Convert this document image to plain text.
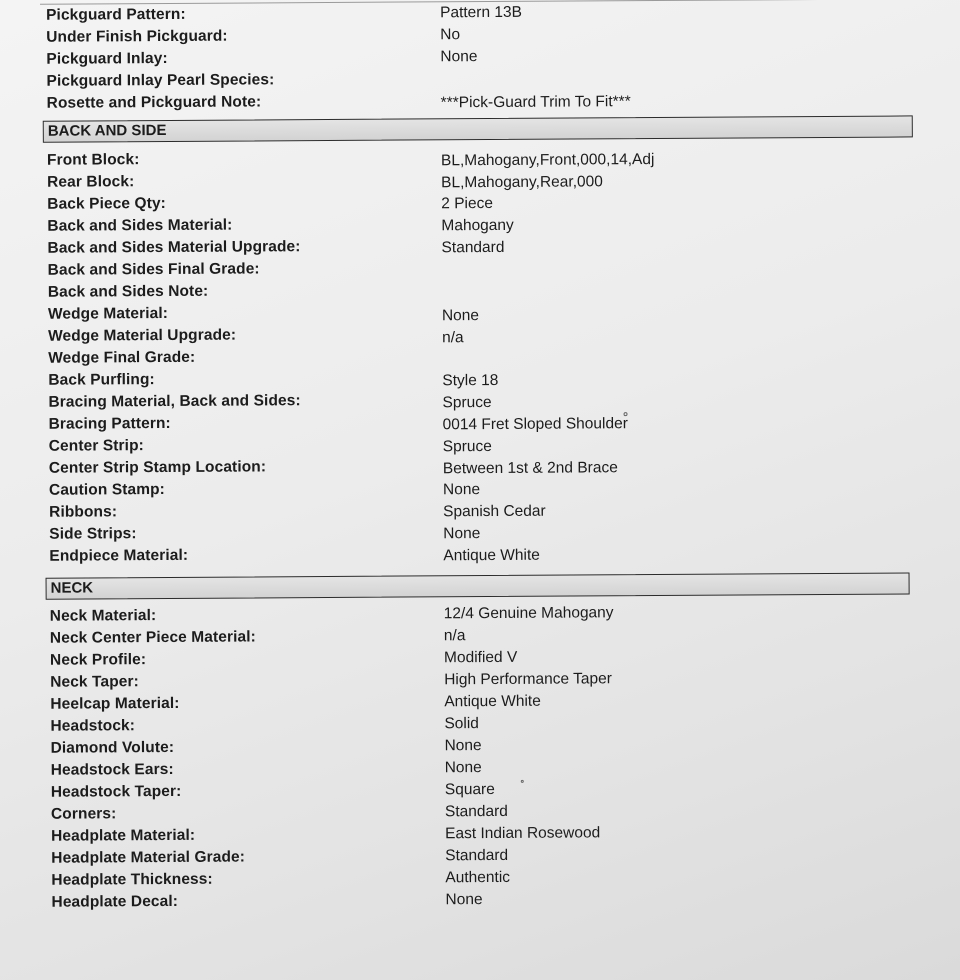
Pickguard Pattern:	Pattern 13B
Under Finish Pickguard:	No
Pickguard Inlay:	None
Pickguard Inlay Pearl Species:
Rosette and Pickguard Note:	***Pick-Guard Trim To Fit***
BACK AND SIDE
Front Block:	BL,Mahogany,Front,000,14,Adj
Rear Block:	BL,Mahogany,Rear,000
Back Piece Qty:	2 Piece
Back and Sides Material:	Mahogany
Back and Sides Material Upgrade:	Standard
Back and Sides Final Grade:
Back and Sides Note:
Wedge Material:	None
Wedge Material Upgrade:	n/a
Wedge Final Grade:
Back Purfling:	Style 18
Bracing Material, Back and Sides:	Spruce
Bracing Pattern:	0014 Fret Sloped Shoulder
Center Strip:	Spruce
Center Strip Stamp Location:	Between 1st & 2nd Brace
Caution Stamp:	None
Ribbons:	Spanish Cedar
Side Strips:	None
Endpiece Material:	Antique White
NECK
Neck Material:	12/4 Genuine Mahogany
Neck Center Piece Material:	n/a
Neck Profile:	Modified V
Neck Taper:	High Performance Taper
Heelcap Material:	Antique White
Headstock:	Solid
Diamond Volute:	None
Headstock Ears:	None
Headstock Taper:	Square
Corners:	Standard
Headplate Material:	East Indian Rosewood
Headplate Material Grade:	Standard
Headplate Thickness:	Authentic
Headplate Decal:	None
